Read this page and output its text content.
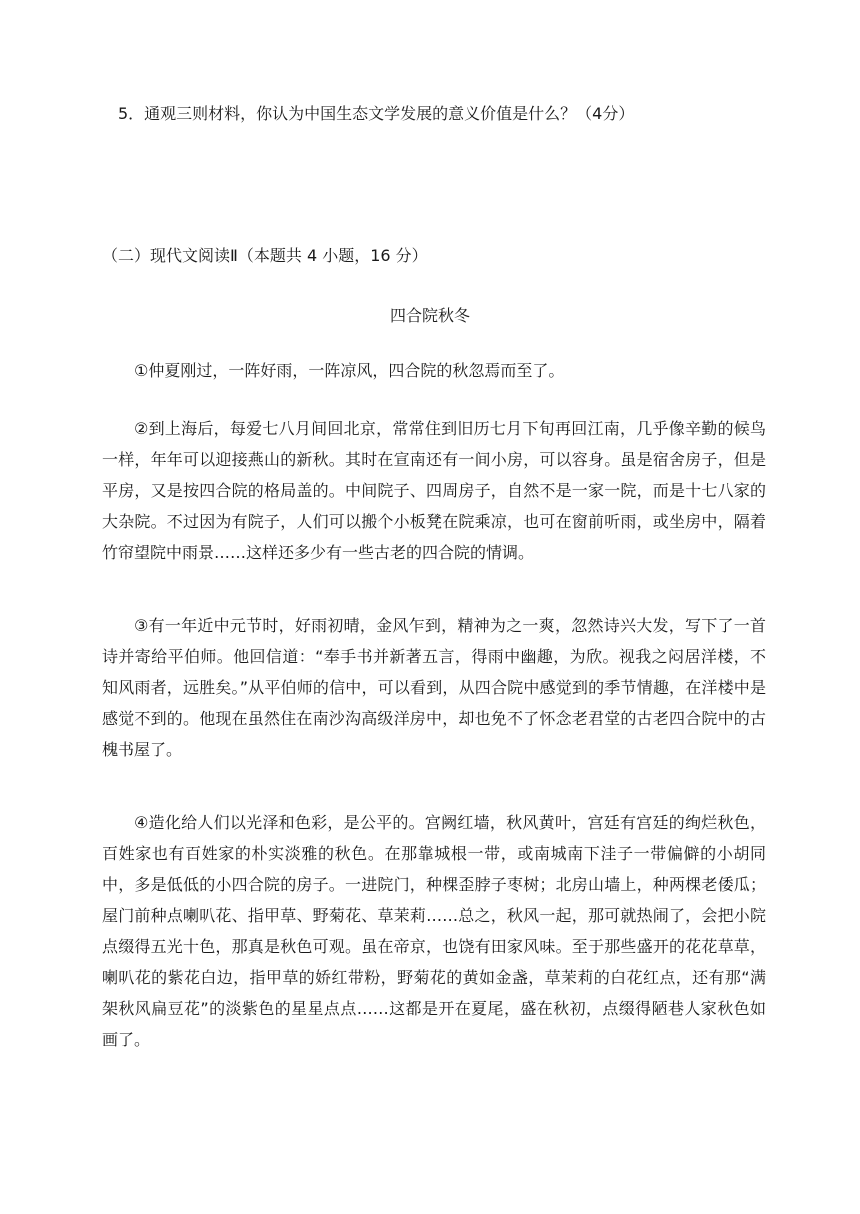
5．通观三则材料，你认为中国生态文学发展的意义价值是什么？（4分）
（二）现代文阅读Ⅱ（本题共 4 小题，16 分）
四合院秋冬

①仲夏刚过，一阵好雨，一阵凉风，四合院的秋忽焉而至了。

②到上海后，每爱七八月间回北京，常常住到旧历七月下旬再回江南，几乎像辛勤的候鸟一样，年年可以迎接燕山的新秋。其时在宣南还有一间小房，可以容身。虽是宿舍房子，但是平房，又是按四合院的格局盖的。中间院子、四周房子，自然不是一家一院，而是十七八家的大杂院。不过因为有院子，人们可以搬个小板凳在院乘凉，也可在窗前听雨，或坐房中，隔着竹帘望院中雨景……这样还多少有一些古老的四合院的情调。

③有一年近中元节时，好雨初晴，金风乍到，精神为之一爽，忽然诗兴大发，写下了一首诗并寄给平伯师。他回信道：“奉手书并新著五言，得雨中幽趣，为欣。视我之闷居洋楼，不知风雨者，远胜矣。”从平伯师的信中，可以看到，从四合院中感觉到的季节情趣，在洋楼中是感觉不到的。他现在虽然住在南沙沟高级洋房中，却也免不了怀念老君堂的古老四合院中的古槐书屋了。

④造化给人们以光泽和色彩，是公平的。宫阙红墙，秋风黄叶，宫廷有宫廷的绚烂秋色，百姓家也有百姓家的朴实淡雅的秋色。在那靠城根一带，或南城南下洼子一带偏僻的小胡同中，多是低低的小四合院的房子。一进院门，种棵歪脖子枣树；北房山墙上，种两棵老倭瓜；屋门前种点喇叭花、指甲草、野菊花、草茉莉……总之，秋风一起，那可就热闹了，会把小院点缀得五光十色，那真是秋色可观。虽在帝京，也饶有田家风味。至于那些盛开的花花草草，喇叭花的紫花白边，指甲草的娇红带粉，野菊花的黄如金盏，草茉莉的白花红点，还有那“满架秋风扁豆花”的淡紫色的星星点点……这都是开在夏尾，盛在秋初，点缀得陋巷人家秋色如画了。
